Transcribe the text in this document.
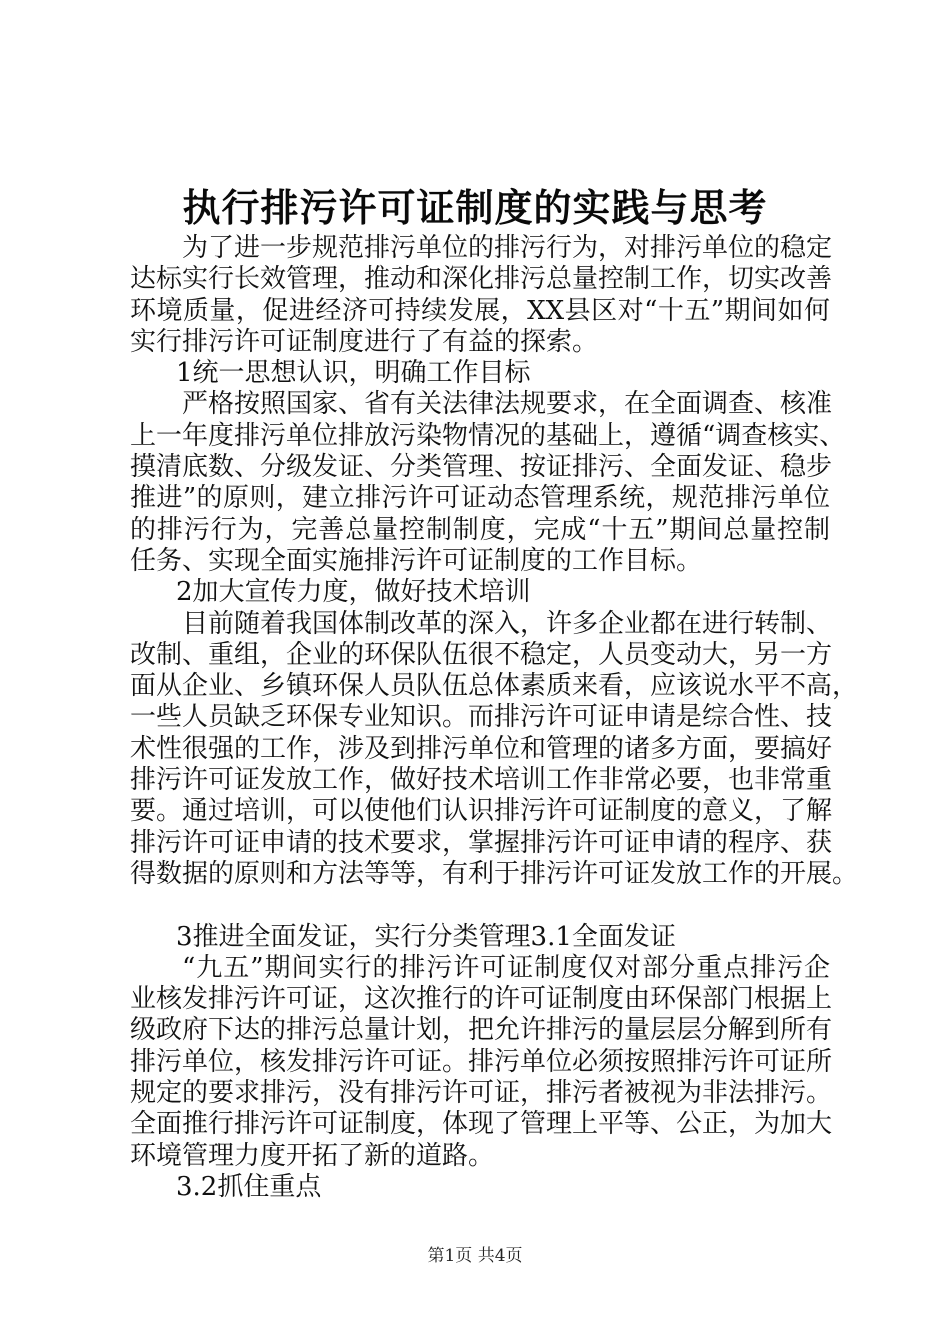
执行排污许可证制度的实践与思考
为了进一步规范排污单位的排污行为，对排污单位的稳定
达标实行长效管理，推动和深化排污总量控制工作，切实改善
环境质量，促进经济可持续发展，XX县区对“十五”期间如何
实行排污许可证制度进行了有益的探索。
1统一思想认识，明确工作目标
严格按照国家、省有关法律法规要求，在全面调查、核准
上一年度排污单位排放污染物情况的基础上，遵循“调查核实、
摸清底数、分级发证、分类管理、按证排污、全面发证、稳步
推进”的原则，建立排污许可证动态管理系统，规范排污单位
的排污行为，完善总量控制制度，完成“十五”期间总量控制
任务、实现全面实施排污许可证制度的工作目标。
2加大宣传力度，做好技术培训
目前随着我国体制改革的深入，许多企业都在进行转制、
改制、重组，企业的环保队伍很不稳定，人员变动大，另一方
面从企业、乡镇环保人员队伍总体素质来看，应该说水平不高，
一些人员缺乏环保专业知识。而排污许可证申请是综合性、技
术性很强的工作，涉及到排污单位和管理的诸多方面，要搞好
排污许可证发放工作，做好技术培训工作非常必要，也非常重
要。通过培训，可以使他们认识排污许可证制度的意义，了解
排污许可证申请的技术要求，掌握排污许可证申请的程序、获
得数据的原则和方法等等，有利于排污许可证发放工作的开展。
3推进全面发证，实行分类管理3.1全面发证
“九五”期间实行的排污许可证制度仅对部分重点排污企
业核发排污许可证，这次推行的许可证制度由环保部门根据上
级政府下达的排污总量计划，把允许排污的量层层分解到所有
排污单位，核发排污许可证。排污单位必须按照排污许可证所
规定的要求排污，没有排污许可证，排污者被视为非法排污。
全面推行排污许可证制度，体现了管理上平等、公正，为加大
环境管理力度开拓了新的道路。
3.2抓住重点
第1页 共4页
